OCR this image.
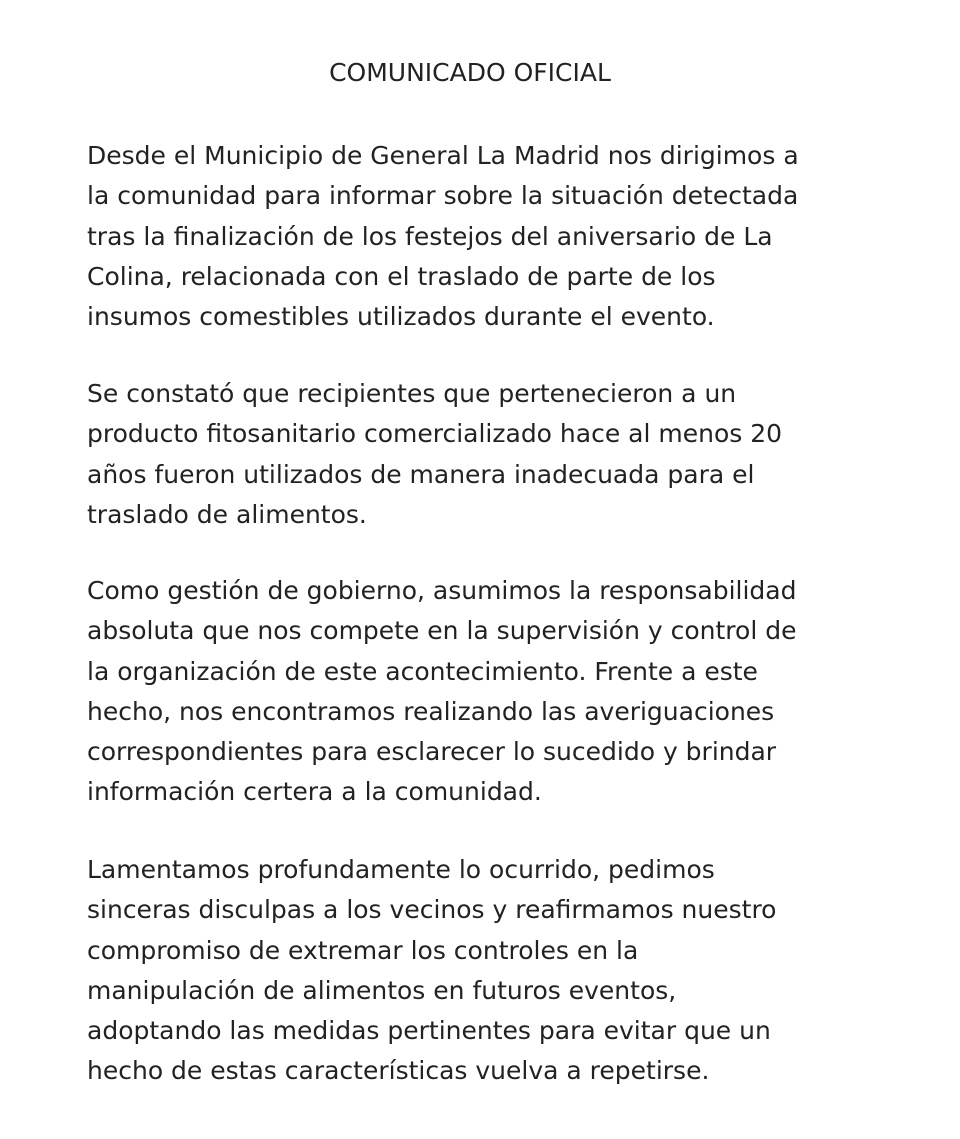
COMUNICADO OFICIAL

Desde el Municipio de General La Madrid nos dirigimos a
la comunidad para informar sobre la situación detectada
tras la finalización de los festejos del aniversario de La
Colina, relacionada con el traslado de parte de los
insumos comestibles utilizados durante el evento.

Se constató que recipientes que pertenecieron a un
producto fitosanitario comercializado hace al menos 20
años fueron utilizados de manera inadecuada para el
traslado de alimentos.

Como gestión de gobierno, asumimos la responsabilidad
absoluta que nos compete en la supervisión y control de
la organización de este acontecimiento. Frente a este
hecho, nos encontramos realizando las averiguaciones
correspondientes para esclarecer lo sucedido y brindar
información certera a la comunidad.

Lamentamos profundamente lo ocurrido, pedimos
sinceras disculpas a los vecinos y reafirmamos nuestro
compromiso de extremar los controles en la
manipulación de alimentos en futuros eventos,
adoptando las medidas pertinentes para evitar que un
hecho de estas características vuelva a repetirse.
